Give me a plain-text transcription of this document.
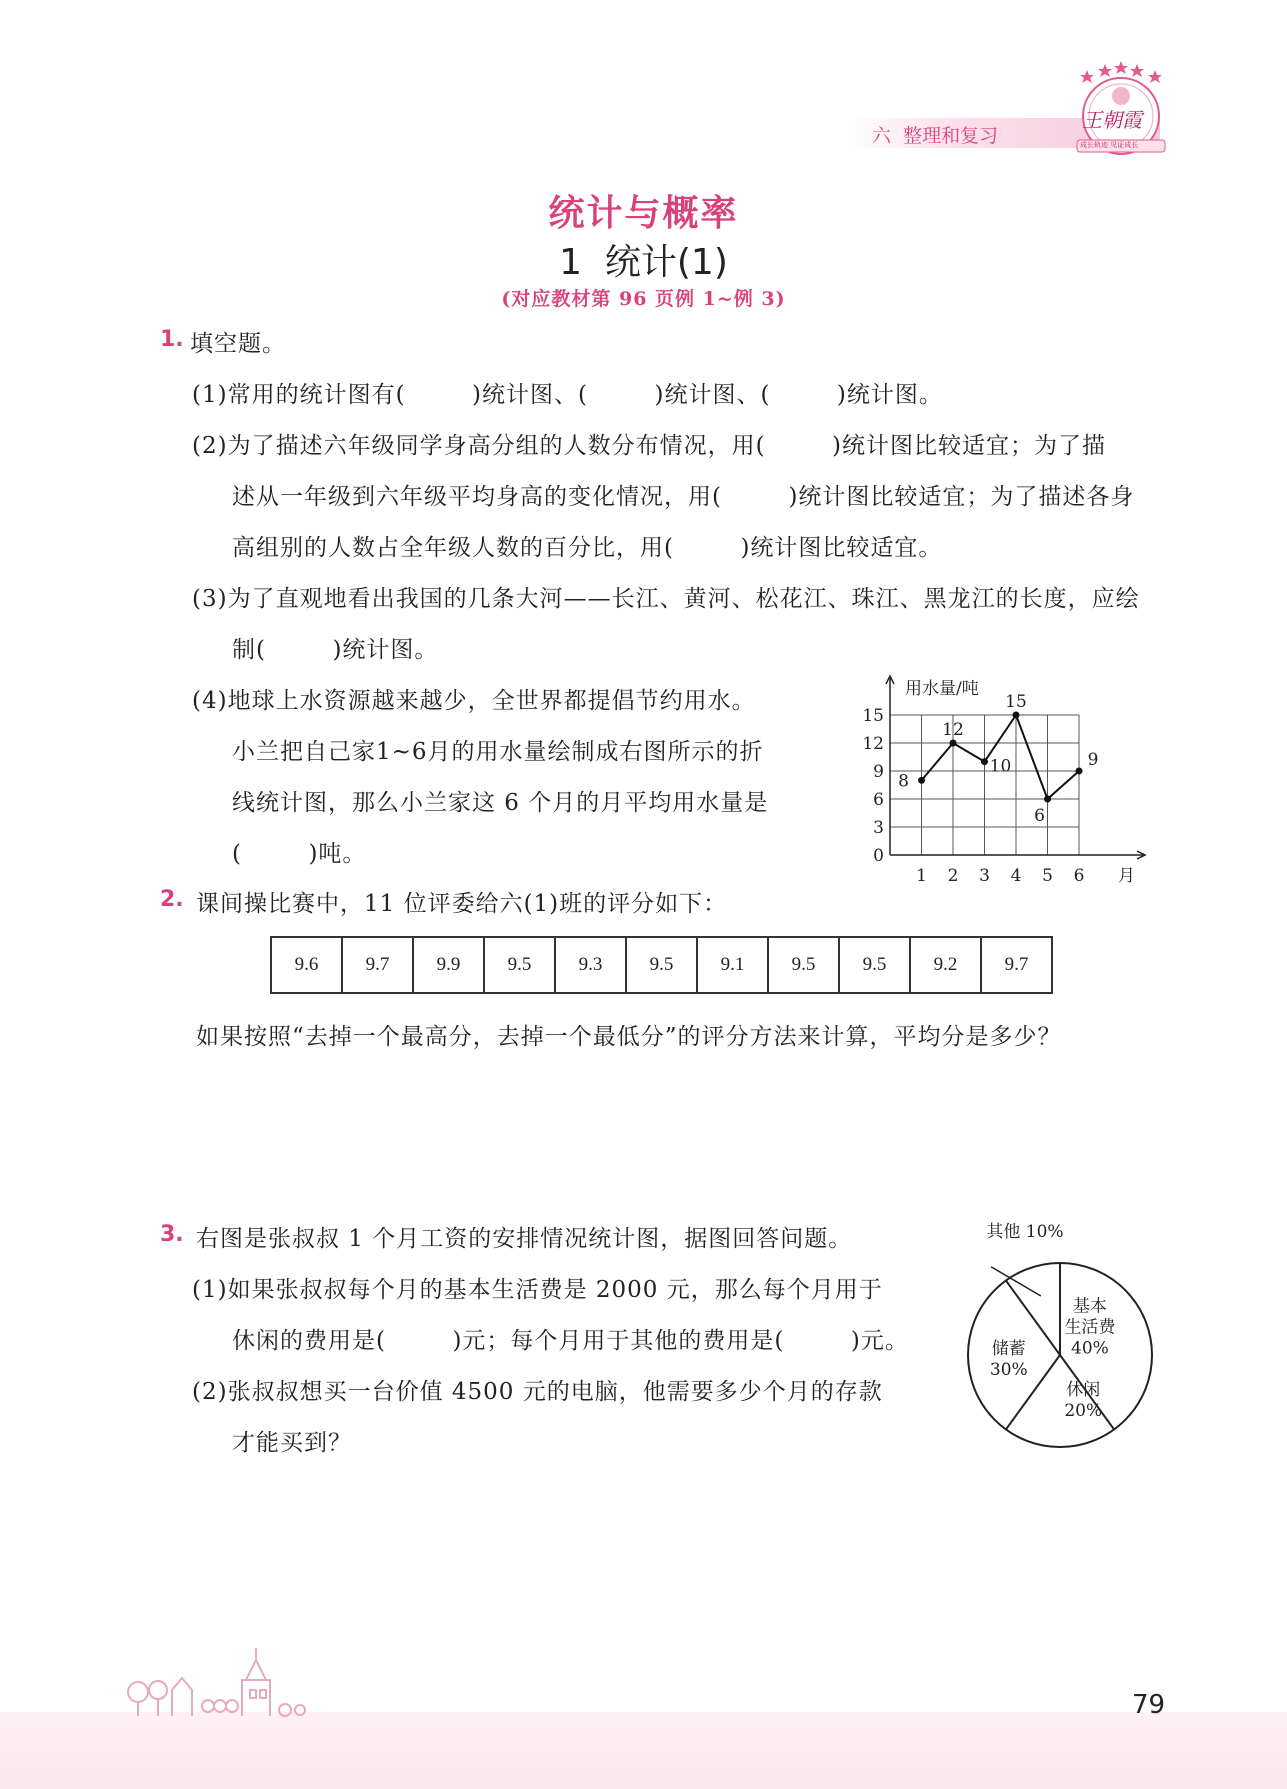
六  整理和复习
王朝霞
成长轨迹 见证成长
统计与概率
1  统计(1)
(对应教材第 96 页例 1~例 3)
1. 填空题。
(1)常用的统计图有(        )统计图、(        )统计图、(        )统计图。
(2)为了描述六年级同学身高分组的人数分布情况，用(        )统计图比较适宜；为了描
述从一年级到六年级平均身高的变化情况，用(        )统计图比较适宜；为了描述各身
高组别的人数占全年级人数的百分比，用(        )统计图比较适宜。
(3)为了直观地看出我国的几条大河——长江、黄河、松花江、珠江、黑龙江的长度，应绘
制(        )统计图。
(4)地球上水资源越来越少，全世界都提倡节约用水。
小兰把自己家1~6月的用水量绘制成右图所示的折
线统计图，那么小兰家这 6 个月的月平均用水量是
(        )吨。
用水量/吨
0
3
6
9
12
15
1 2 3 4 5 6 月
8
12
10
15
6
9
2. 课间操比赛中，11 位评委给六(1)班的评分如下：
9.6	9.7	9.9	9.5	9.3	9.5	9.1	9.5	9.5	9.2	9.7
如果按照“去掉一个最高分，去掉一个最低分”的评分方法来计算，平均分是多少？
3. 右图是张叔叔 1 个月工资的安排情况统计图，据图回答问题。
(1)如果张叔叔每个月的基本生活费是 2000 元，那么每个月用于
休闲的费用是(        )元；每个月用于其他的费用是(        )元。
(2)张叔叔想买一台价值 4500 元的电脑，他需要多少个月的存款
才能买到？
基本
生活费
40%
休闲
20%
储蓄
30%
其他 10%
79
